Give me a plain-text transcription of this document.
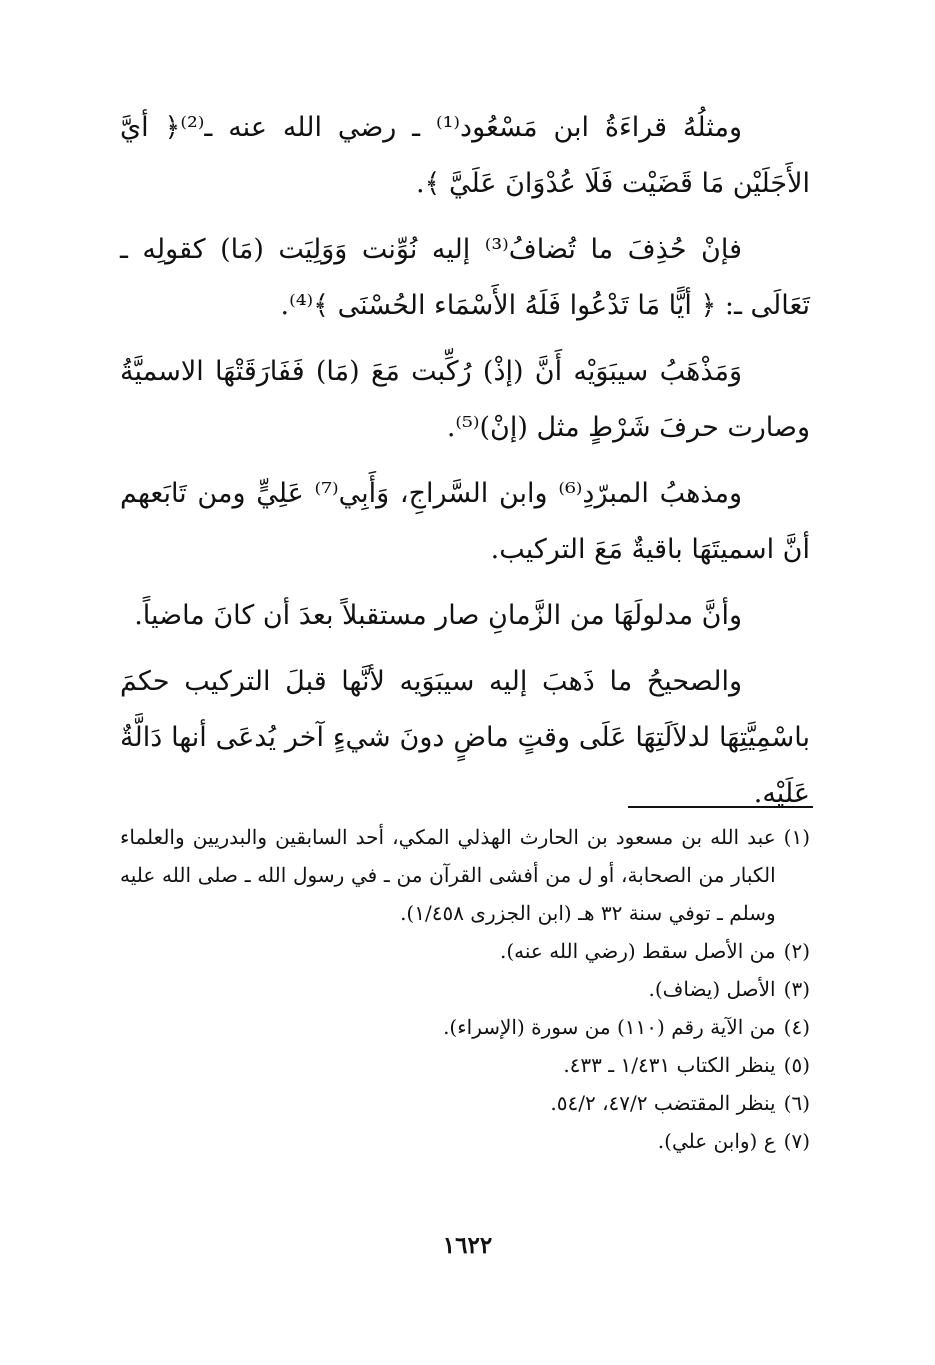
ومثلُهُ قراءَةُ ابن مَسْعُود⁽¹⁾ ـ رضي الله عنه ـ⁽²⁾﴿ أيَّ الأَجَلَيْن مَا قَضَيْت فَلَا عُدْوَانَ عَلَيَّ ﴾.

فإنْ حُذِفَ ما تُضافُ⁽³⁾ إليه نُوِّنت وَوَلِيَت (مَا) كقولِه ـ تَعَالَى ـ: ﴿ أيًّا مَا تَدْعُوا فَلَهُ الأَسْمَاء الحُسْنَى ﴾⁽⁴⁾.

وَمَذْهَبُ سيبَوَيْه أَنَّ (إذْ) رُكِّبت مَعَ (مَا) فَفَارَقَتْهَا الاسميَّةُ وصارت حرفَ شَرْطٍ مثل (إنْ)⁽⁵⁾.

ومذهبُ المبرّدِ⁽⁶⁾ وابن السَّراجِ، وَأَبِي⁽⁷⁾ عَلِيٍّ ومن تَابَعهم أنَّ اسميتَهَا باقيةٌ مَعَ التركيب.

وأنَّ مدلولَهَا من الزَّمانِ صار مستقبلاً بعدَ أن كانَ ماضياً.

والصحيحُ ما ذَهبَ إليه سيبَوَيه لأنَّها قبلَ التركيب حكمَ باسْمِيَّتِهَا لدلاَلَتِهَا عَلَى وقتٍ ماضٍ دونَ شيءٍ آخر يُدعَى أنها دَالَّةٌ عَلَيْه.

(١)
عبد الله بن مسعود بن الحارث الهذلي المكي، أحد السابقين والبدريين والعلماء الكبار من الصحابة، أو ل من أفشى القرآن من ـ في رسول الله ـ صلى الله عليه وسلم ـ توفي سنة ٣٢ هـ (ابن الجزرى ١/٤٥٨).
(٢)
من الأصل سقط (رضي الله عنه).
(٣)
الأصل (يضاف).
(٤)
من الآية رقم (١١٠) من سورة (الإسراء).
(٥)
ينظر الكتاب ١/٤٣١ ـ ٤٣٣.
(٦)
ينظر المقتضب ٤٧/٢، ٥٤/٢.
(٧)
ع (وابن علي).
١٦٢٢
